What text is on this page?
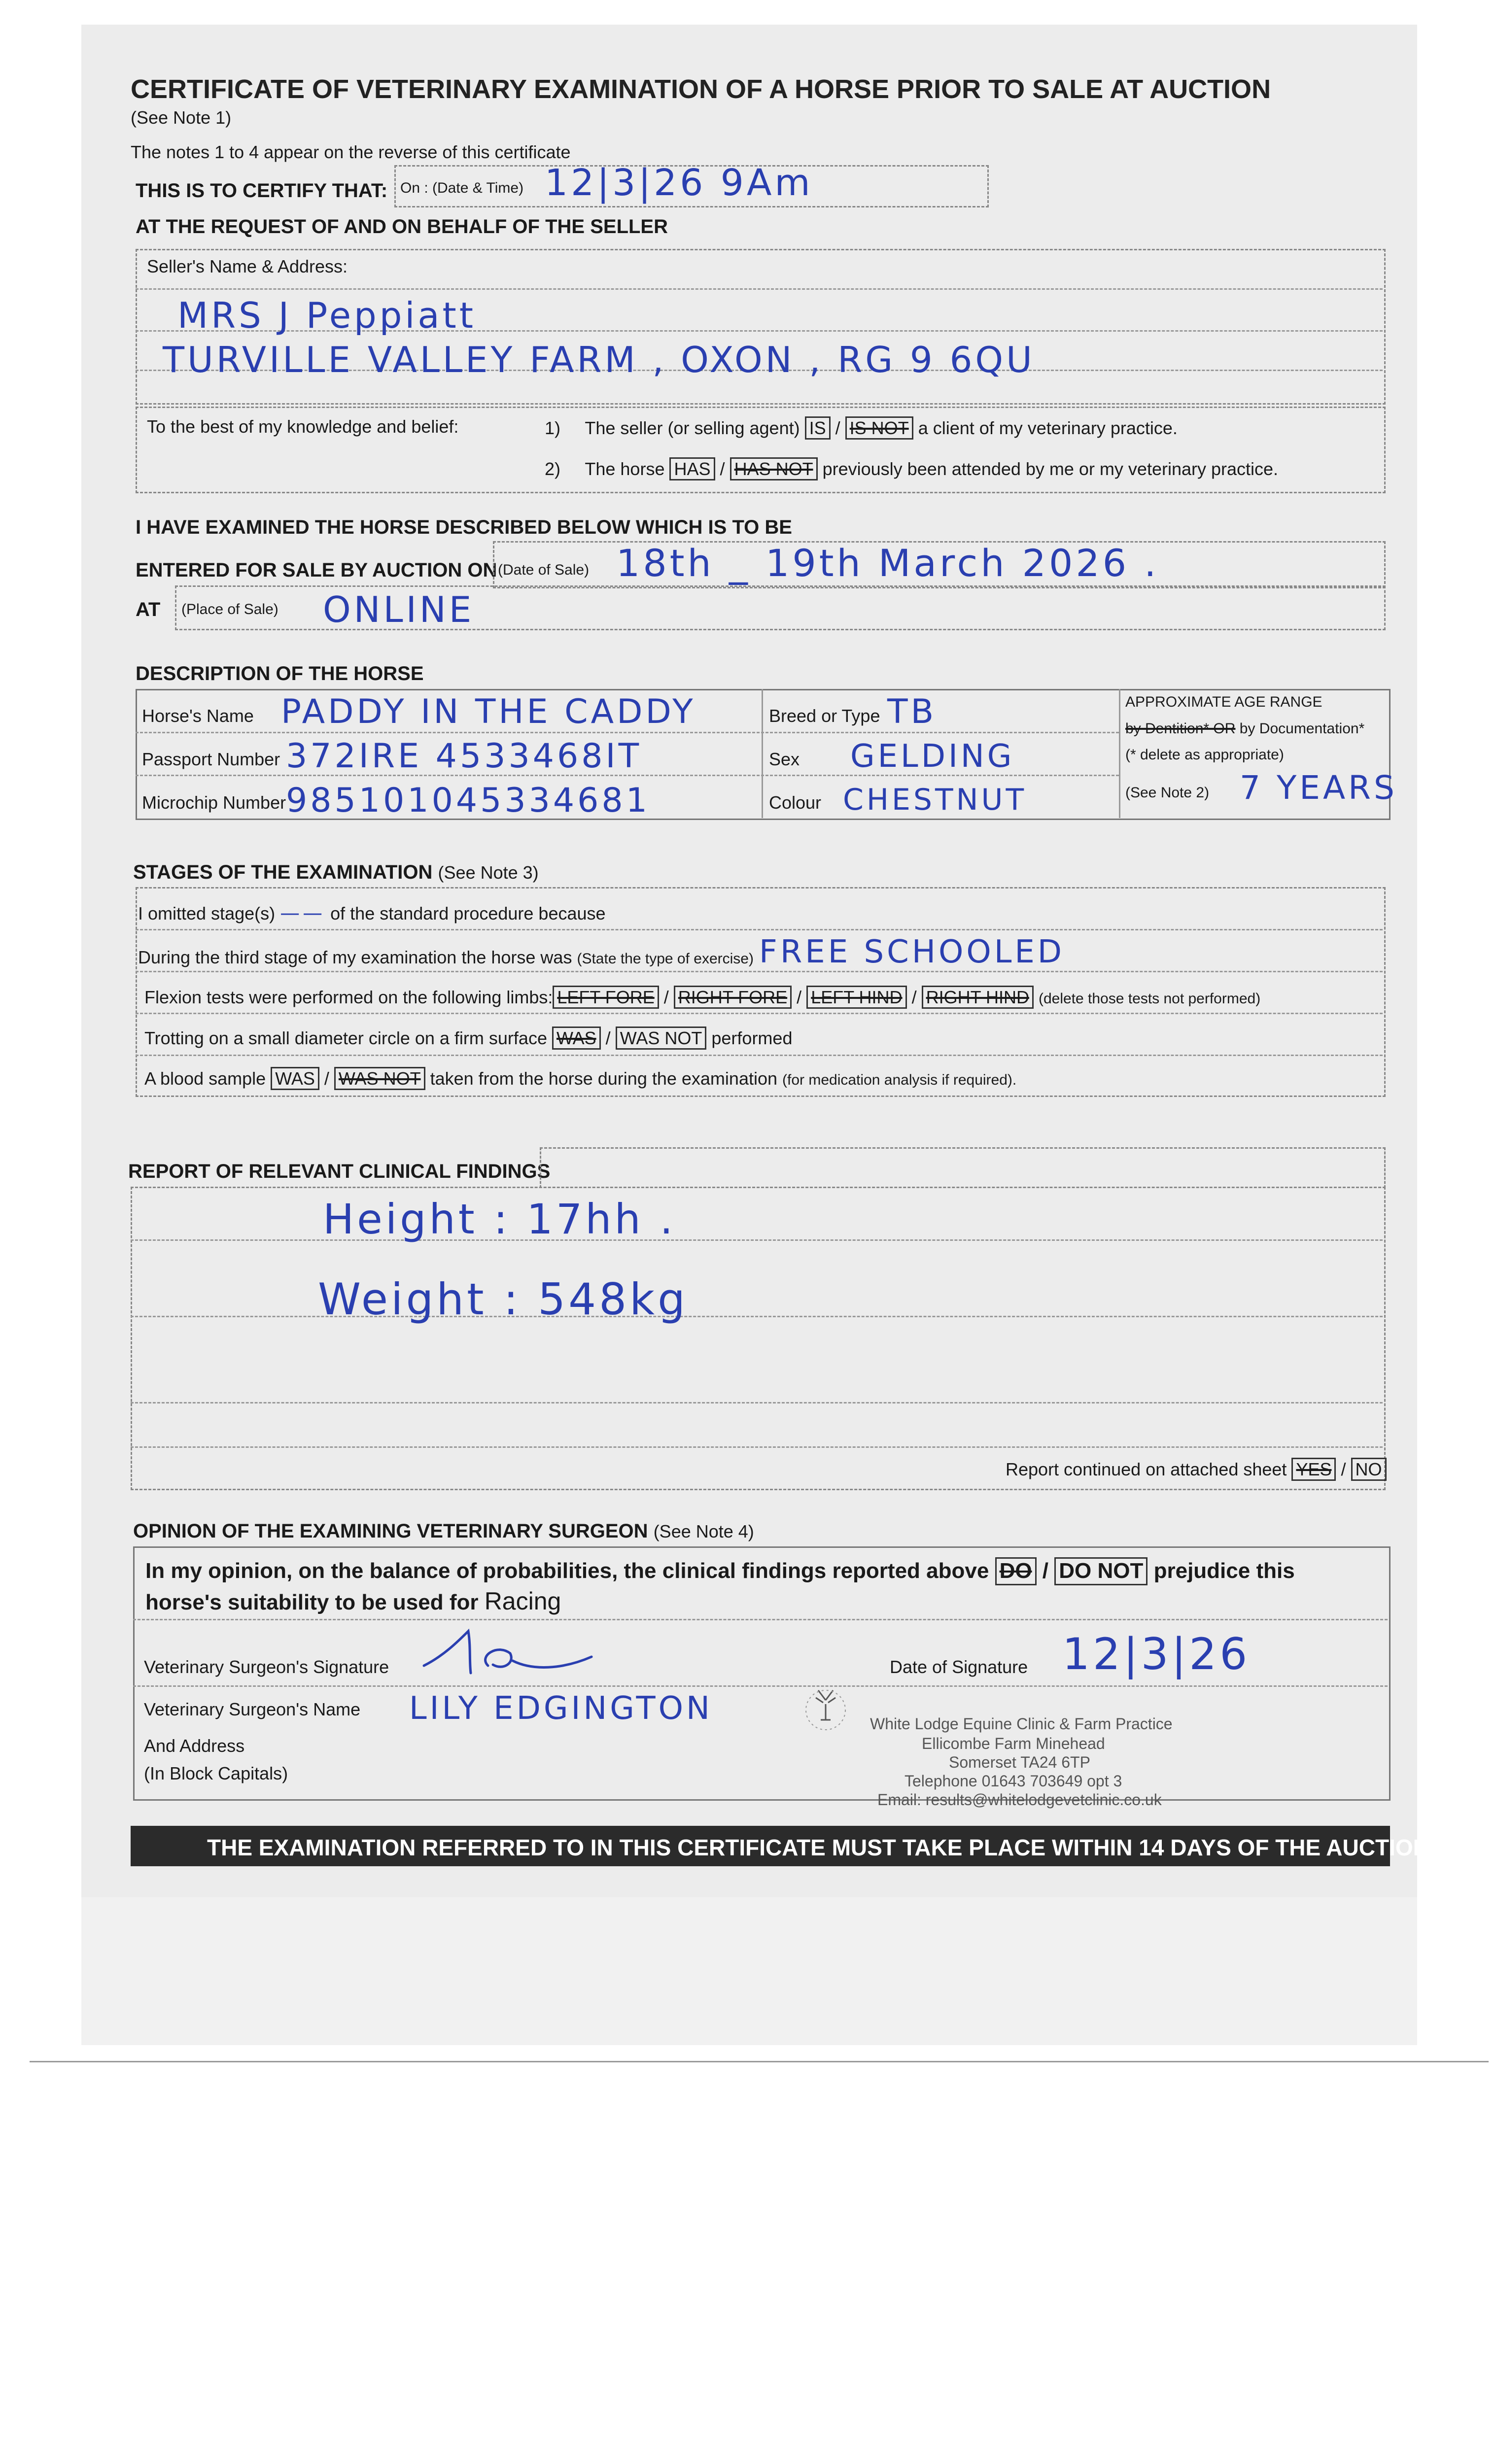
CERTIFICATE OF VETERINARY EXAMINATION OF A HORSE PRIOR TO SALE AT AUCTION
(See Note 1)
The notes 1 to 4 appear on the reverse of this certificate
THIS IS TO CERTIFY THAT: On : (Date & Time) 12|3|26 9Am
AT THE REQUEST OF AND ON BEHALF OF THE SELLER
Seller's Name & Address:
MRS J Peppiatt
TURVILLE VALLEY FARM , OXON , RG 9 6QU
To the best of my knowledge and belief:	1) The seller (or selling agent) IS / IS NOT a client of my veterinary practice.
2) The horse HAS / HAS NOT previously been attended by me or my veterinary practice.
I HAVE EXAMINED THE HORSE DESCRIBED BELOW WHICH IS TO BE
ENTERED FOR SALE BY AUCTION ON (Date of Sale) 18th _ 19th March 2026 .
AT (Place of Sale) ONLINE
DESCRIPTION OF THE HORSE
Horse's Name PADDY IN THE CADDY
Passport Number 372IRE 4533468IT
Microchip Number 985101045334681
Breed or Type TB
Sex GELDING
Colour CHESTNUT
APPROXIMATE AGE RANGE
by Dentition* OR by Documentation*
(* delete as appropriate)
(See Note 2) 7 YEARS
STAGES OF THE EXAMINATION (See Note 3)
I omitted stage(s) —— of the standard procedure because
During the third stage of my examination the horse was (State the type of exercise) FREE SCHOOLED
Flexion tests were performed on the following limbs: LEFT FORE / RIGHT FORE / LEFT HIND / RIGHT HIND (delete those tests not performed)
Trotting on a small diameter circle on a firm surface WAS / WAS NOT performed
A blood sample WAS / WAS NOT taken from the horse during the examination (for medication analysis if required).
REPORT OF RELEVANT CLINICAL FINDINGS
Height : 17hh .
Weight : 548kg
Report continued on attached sheet YES / NO
OPINION OF THE EXAMINING VETERINARY SURGEON (See Note 4)
In my opinion, on the balance of probabilities, the clinical findings reported above DO / DO NOT prejudice this
horse's suitability to be used for Racing
Veterinary Surgeon's Signature	Date of Signature 12|3|26
Veterinary Surgeon's Name LILY EDGINGTON
And Address
(In Block Capitals)
White Lodge Equine Clinic & Farm Practice
Ellicombe Farm Minehead
Somerset TA24 6TP
Telephone 01643 703649 opt 3
Email: results@whitelodgevetclinic.co.uk
THE EXAMINATION REFERRED TO IN THIS CERTIFICATE MUST TAKE PLACE WITHIN 14 DAYS OF THE AUCTION
